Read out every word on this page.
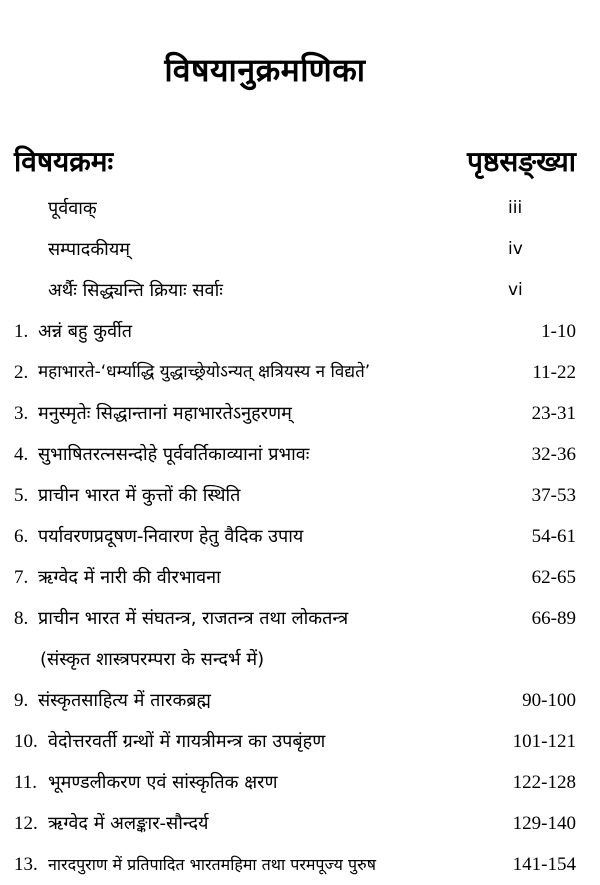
विषयानुक्रमणिका
विषयक्रमः	पृष्ठसङ्ख्या
पूर्ववाक्	iii
सम्पादकीयम्	iv
अर्थैः सिद्ध्यन्ति क्रियाः सर्वाः	vi
1. अन्नं बहु कुर्वीत	1-10
2. महाभारते-‘धर्म्याद्धि युद्धाच्छ्रेयोऽन्यत् क्षत्रियस्य न विद्यते’	11-22
3. मनुस्मृतेः सिद्धान्तानां महाभारतेऽनुहरणम्	23-31
4. सुभाषितरत्नसन्दोहे पूर्ववर्तिकाव्यानां प्रभावः	32-36
5. प्राचीन भारत में कुत्तों की स्थिति	37-53
6. पर्यावरणप्रदूषण-निवारण हेतु वैदिक उपाय	54-61
7. ऋग्वेद में नारी की वीरभावना	62-65
8. प्राचीन भारत में संघतन्त्र, राजतन्त्र तथा लोकतन्त्र	66-89
(संस्कृत शास्त्रपरम्परा के सन्दर्भ में)
9. संस्कृतसाहित्य में तारकब्रह्म	90-100
10. वेदोत्तरवर्ती ग्रन्थों में गायत्रीमन्त्र का उपबृंहण	101-121
11. भूमण्डलीकरण एवं सांस्कृतिक क्षरण	122-128
12. ऋग्वेद में अलङ्कार-सौन्दर्य	129-140
13. नारदपुराण में प्रतिपादित भारतमहिमा तथा परमपूज्य पुरुष	141-154
